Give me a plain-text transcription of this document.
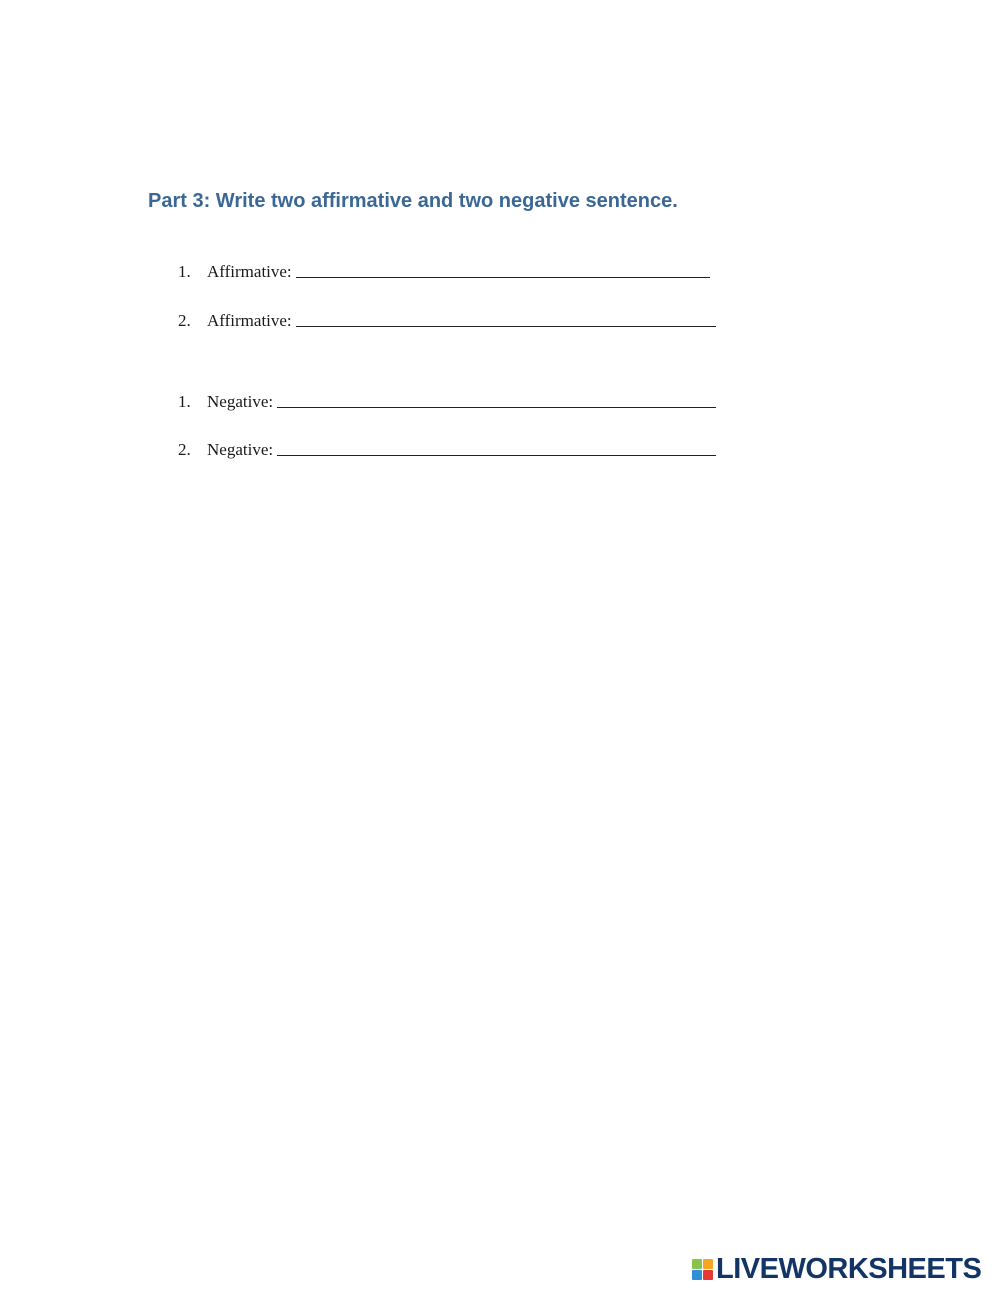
Part 3: Write two affirmative and two negative sentence.
1. Affirmative:
2. Affirmative:
1. Negative:
2. Negative:
LIVEWORKSHEETS
